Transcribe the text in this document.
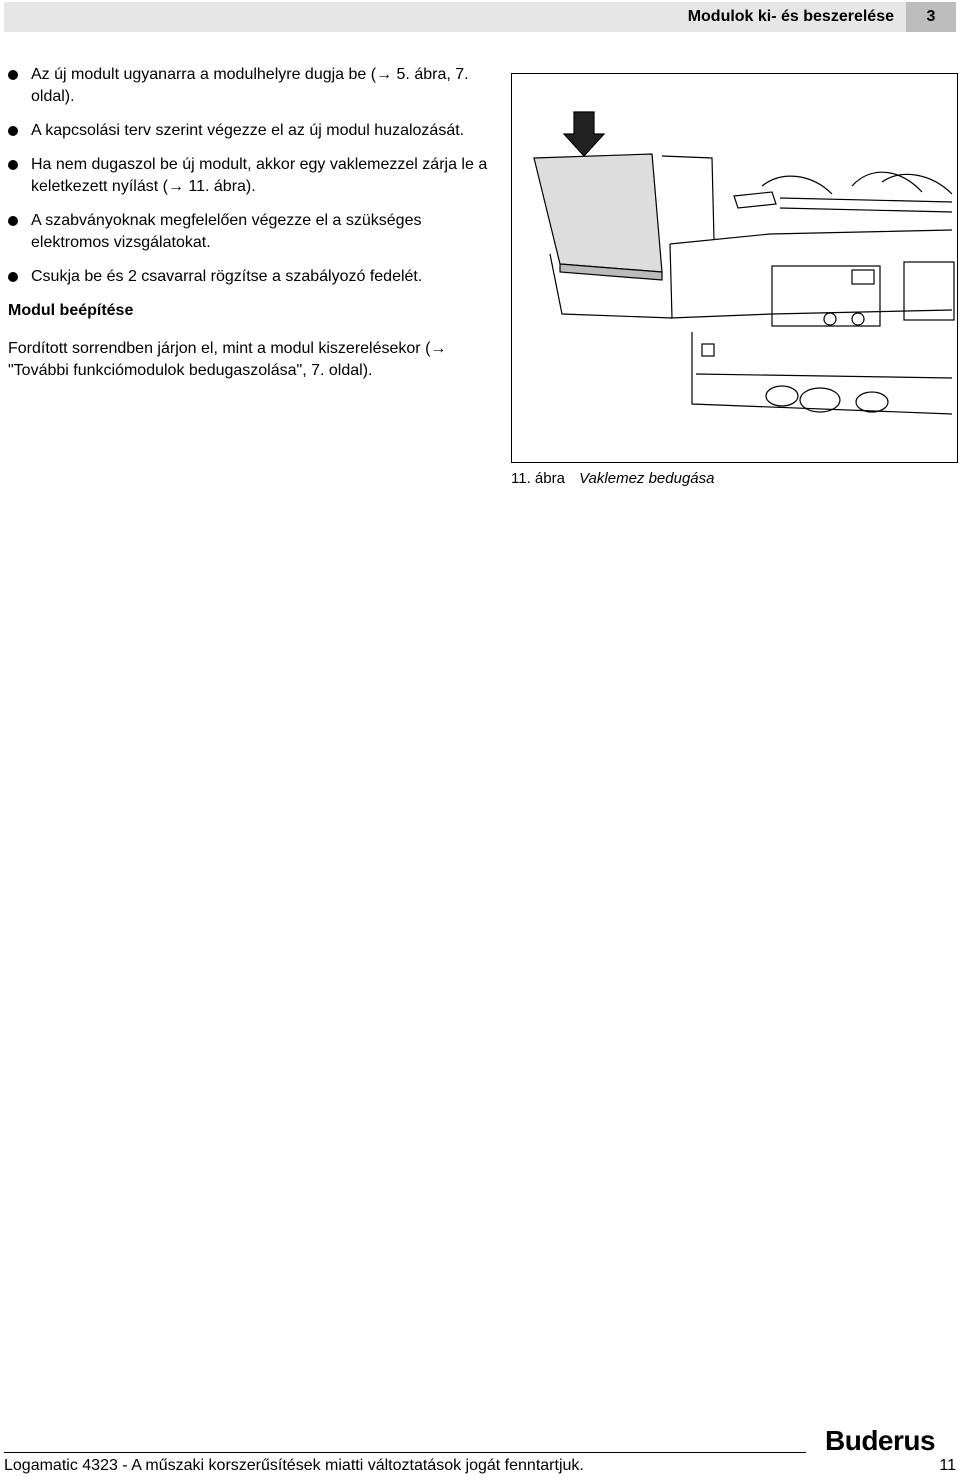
Modulok ki- és beszerelése	3
Az új modult ugyanarra a modulhelyre dugja be (→ 5. ábra, 7. oldal).
A kapcsolási terv szerint végezze el az új modul huzalozását.
Ha nem dugaszol be új modult, akkor egy vaklemezzel zárja le a keletkezett nyílást (→ 11. ábra).
A szabványoknak megfelelően végezze el a szükséges elektromos vizsgálatokat.
Csukja be és 2 csavarral rögzítse a szabályozó fedelét.
Modul beépítése

Fordított sorrendben járjon el, mint a modul kiszerelésekor (→ "További funkciómodulok bedugaszolása", 7. oldal).

11. ábra Vaklemez bedugása
Buderus
Logamatic 4323 - A műszaki korszerűsítések miatti változtatások jogát fenntartjuk.	11
